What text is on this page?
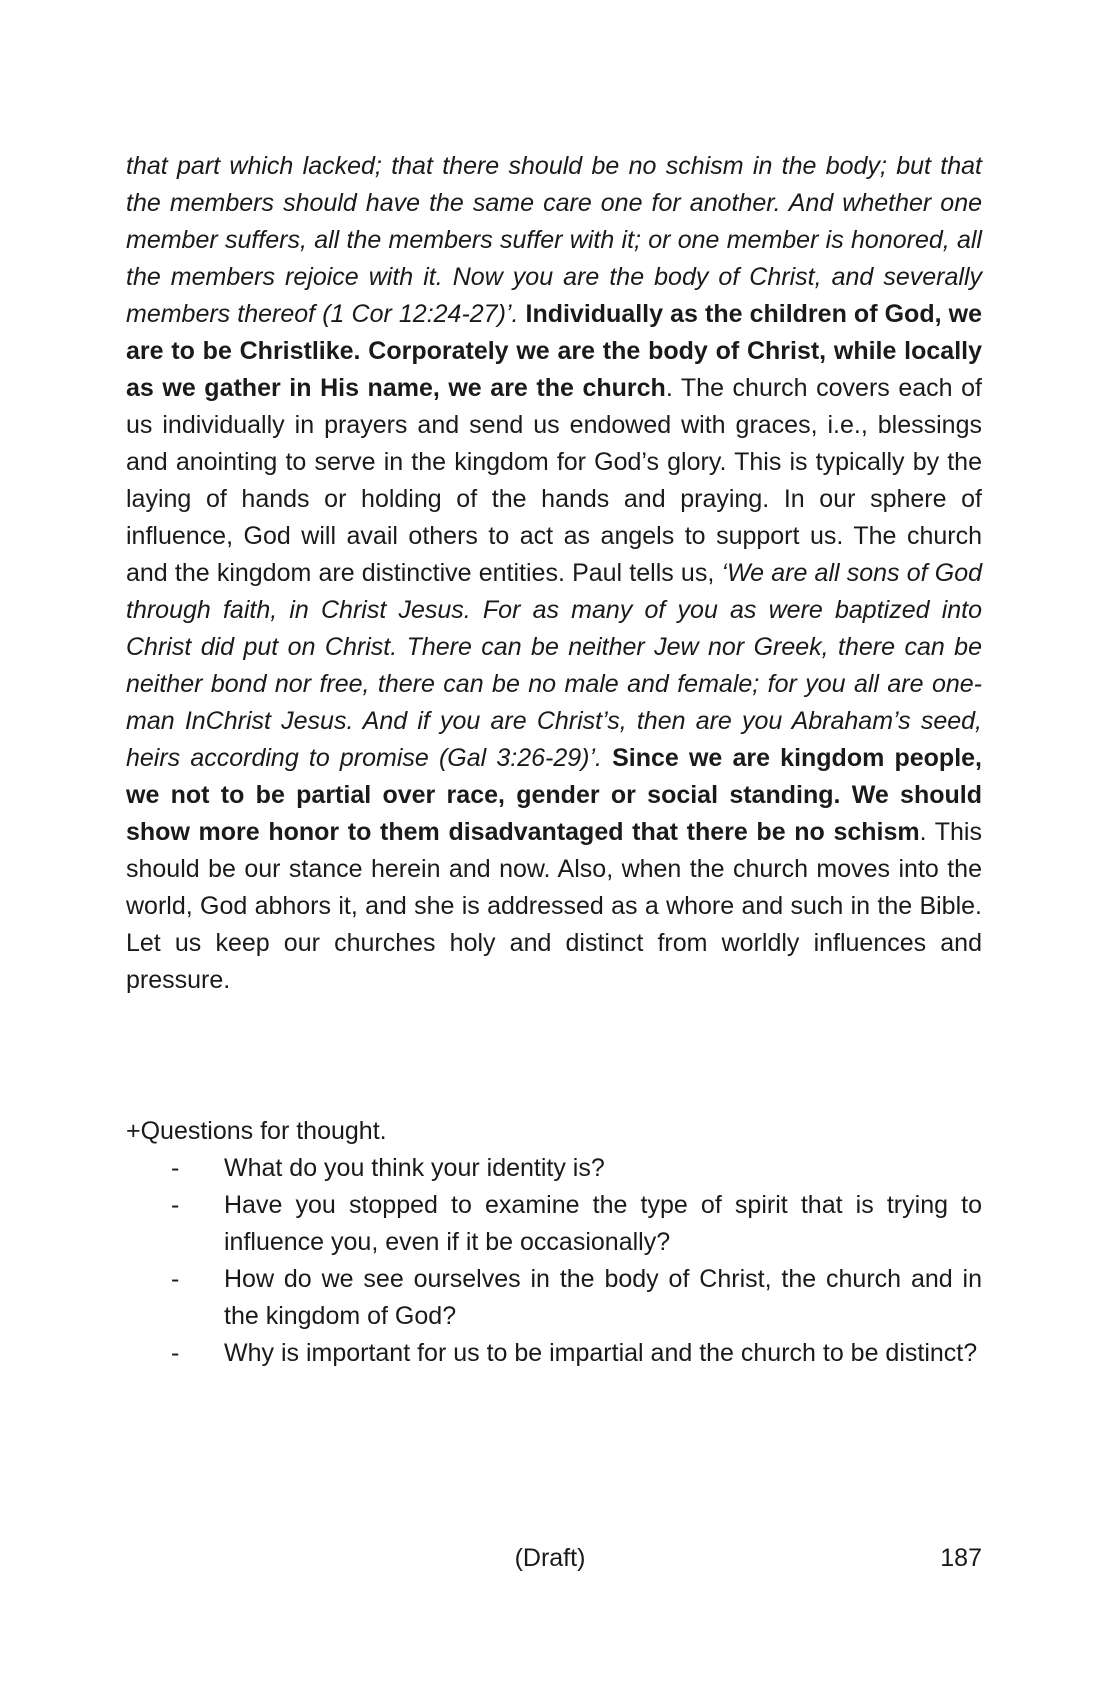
that part which lacked; that there should be no schism in the body; but that the members should have the same care one for another. And whether one member suffers, all the members suffer with it; or one member is honored, all the members rejoice with it. Now you are the body of Christ, and severally members thereof (1 Cor 12:24-27)’. Individually as the children of God, we are to be Christlike. Corporately we are the body of Christ, while locally as we gather in His name, we are the church. The church covers each of us individually in prayers and send us endowed with graces, i.e., blessings and anointing to serve in the kingdom for God’s glory. This is typically by the laying of hands or holding of the hands and praying. In our sphere of influence, God will avail others to act as angels to support us. The church and the kingdom are distinctive entities. Paul tells us, ‘We are all sons of God through faith, in Christ Jesus. For as many of you as were baptized into Christ did put on Christ. There can be neither Jew nor Greek, there can be neither bond nor free, there can be no male and female; for you all are one-man InChrist Jesus. And if you are Christ’s, then are you Abraham’s seed, heirs according to promise (Gal 3:26-29)’. Since we are kingdom people, we not to be partial over race, gender or social standing. We should show more honor to them disadvantaged that there be no schism. This should be our stance herein and now. Also, when the church moves into the world, God abhors it, and she is addressed as a whore and such in the Bible. Let us keep our churches holy and distinct from worldly influences and pressure.

+Questions for thought.

- What do you think your identity is?
- Have you stopped to examine the type of spirit that is trying to influence you, even if it be occasionally?
- How do we see ourselves in the body of Christ, the church and in the kingdom of God?
- Why is important for us to be impartial and the church to be distinct?
(Draft)	187
